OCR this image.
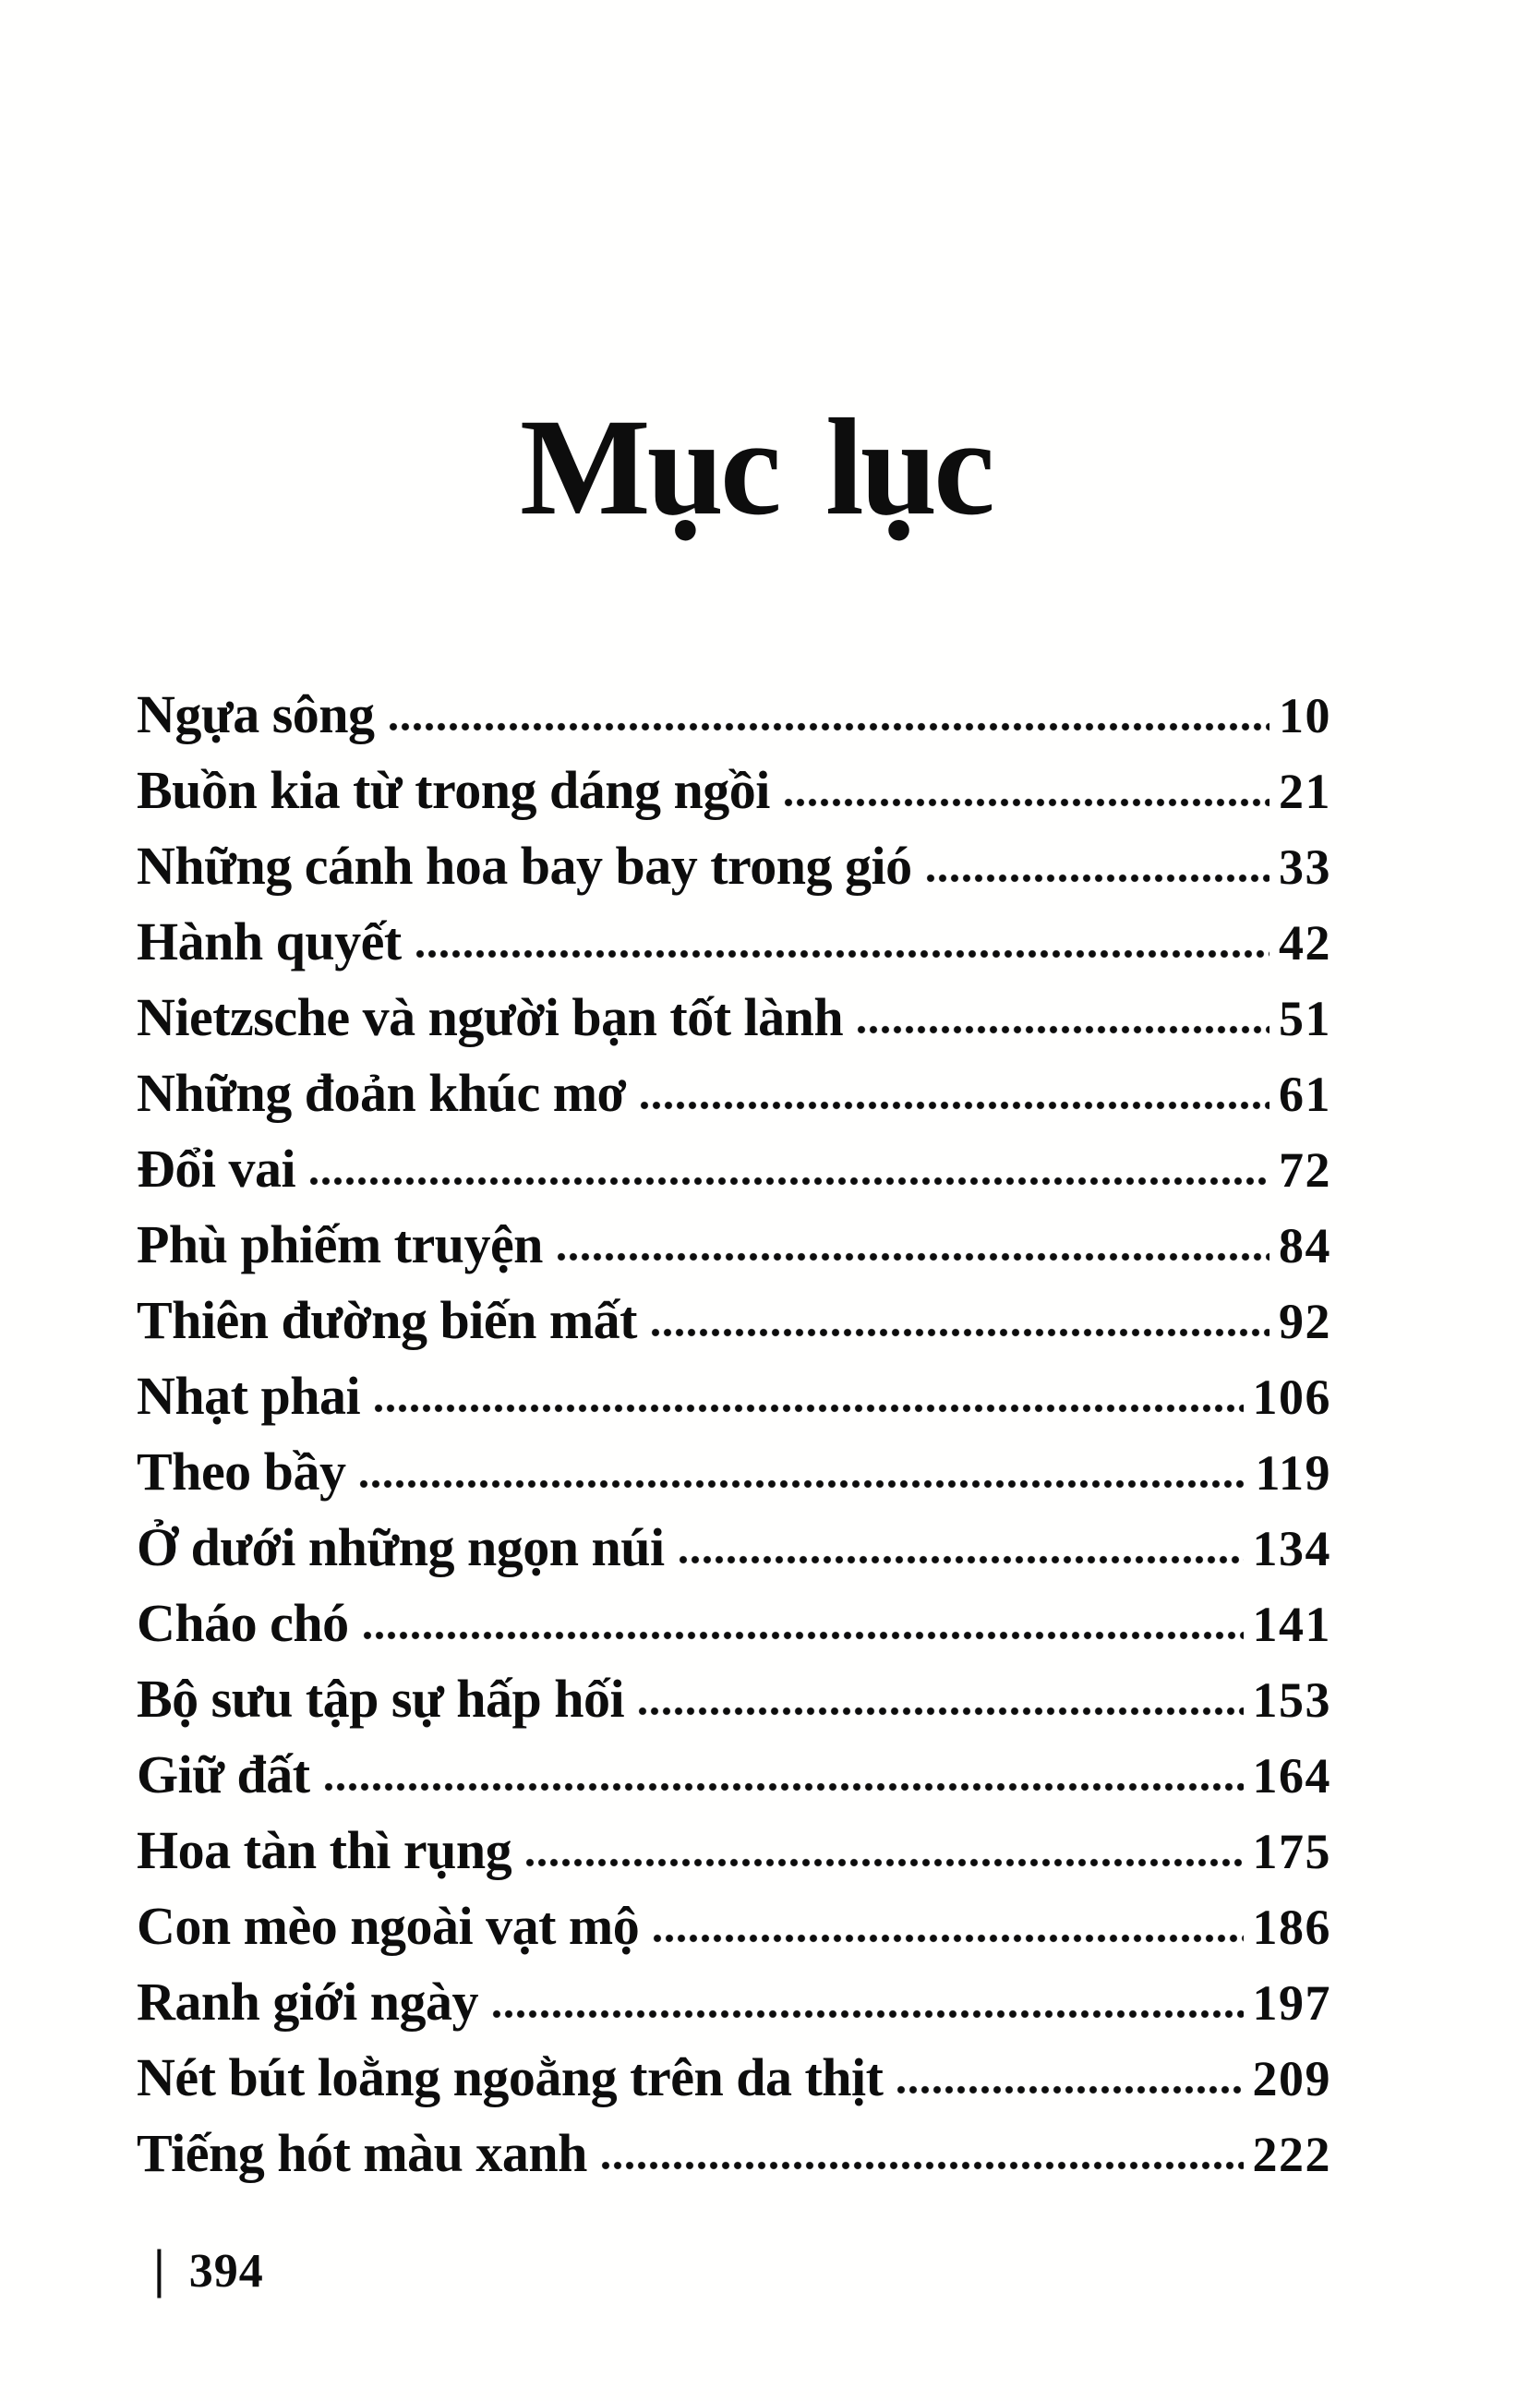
Mục lục
Ngựa sông	10
Buồn kia từ trong dáng ngồi	21
Những cánh hoa bay bay trong gió	33
Hành quyết	42
Nietzsche và người bạn tốt lành	51
Những đoản khúc mơ	61
Đổi vai	72
Phù phiếm truyện	84
Thiên đường biến mất	92
Nhạt phai	106
Theo bầy	119
Ở dưới những ngọn núi	134
Cháo chó	141
Bộ sưu tập sự hấp hối	153
Giữ đất	164
Hoa tàn thì rụng	175
Con mèo ngoài vạt mộ	186
Ranh giới ngày	197
Nét bút loằng ngoằng trên da thịt	209
Tiếng hót màu xanh	222
| 394
